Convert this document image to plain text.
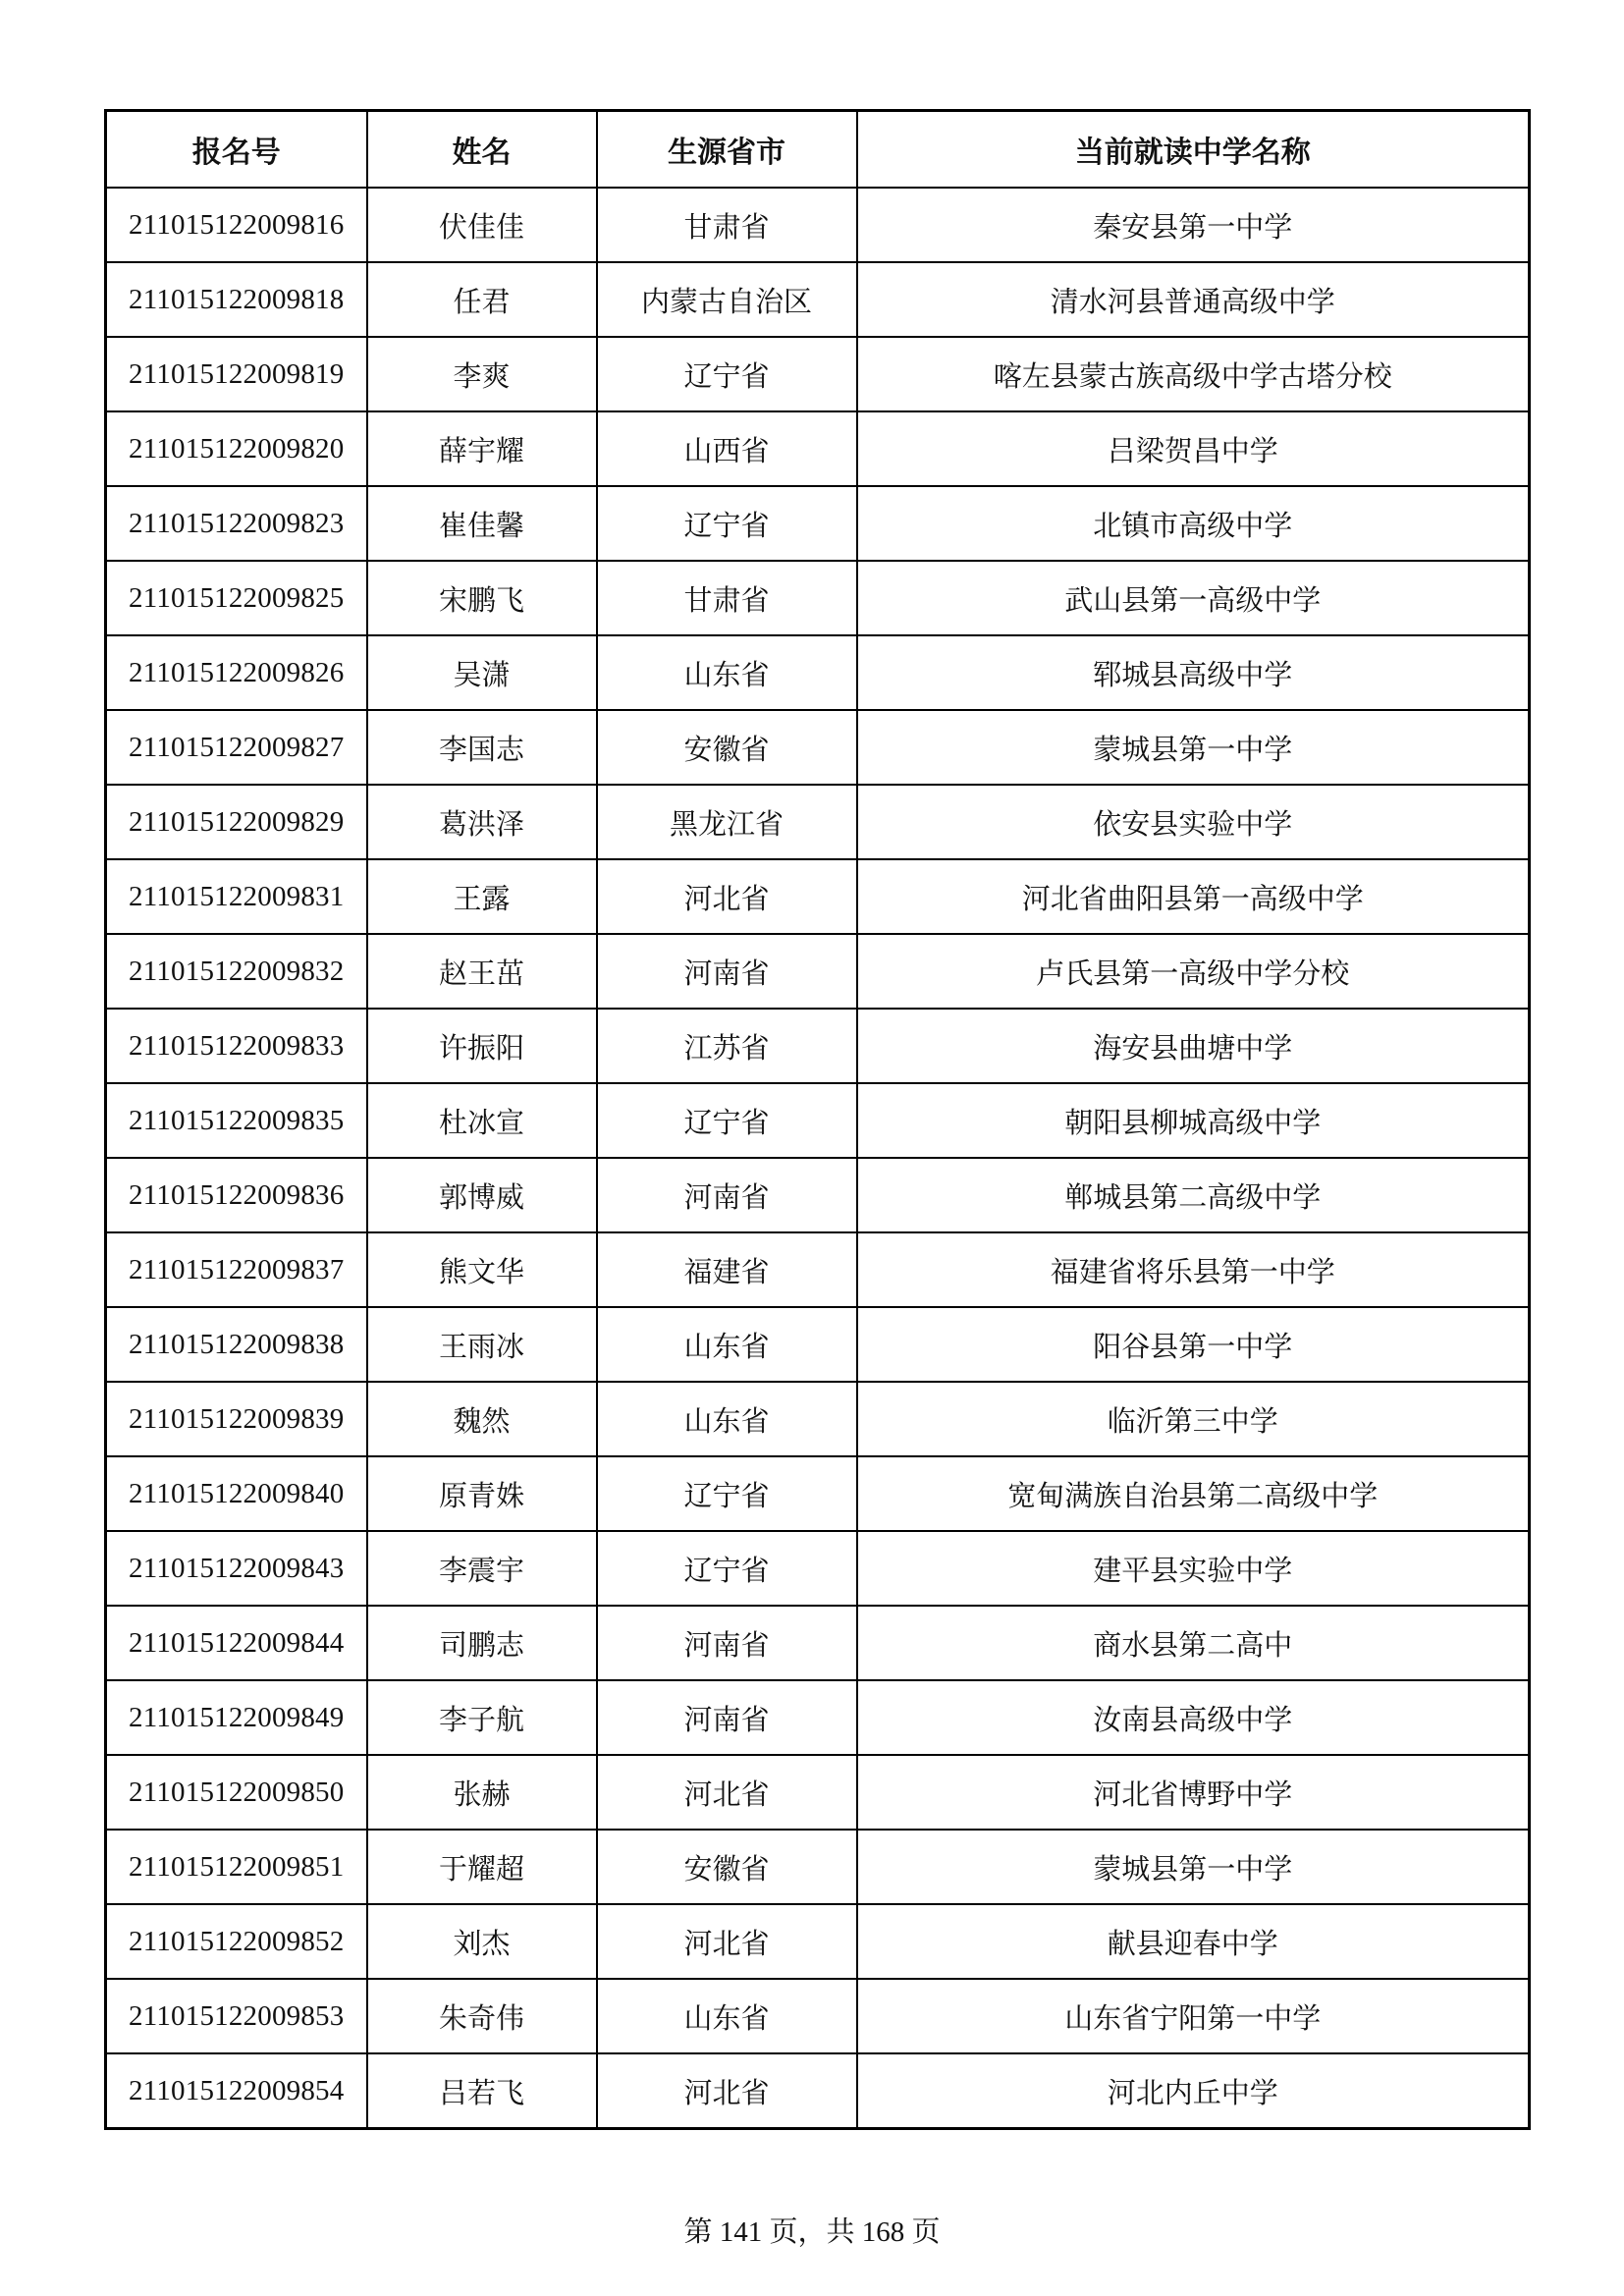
报名号	姓名	生源省市	当前就读中学名称
211015122009816	伏佳佳	甘肃省	秦安县第一中学
211015122009818	任君	内蒙古自治区	清水河县普通高级中学
211015122009819	李爽	辽宁省	喀左县蒙古族高级中学古塔分校
211015122009820	薛宇耀	山西省	吕梁贺昌中学
211015122009823	崔佳馨	辽宁省	北镇市高级中学
211015122009825	宋鹏飞	甘肃省	武山县第一高级中学
211015122009826	吴潇	山东省	郓城县高级中学
211015122009827	李国志	安徽省	蒙城县第一中学
211015122009829	葛洪泽	黑龙江省	依安县实验中学
211015122009831	王露	河北省	河北省曲阳县第一高级中学
211015122009832	赵王茁	河南省	卢氏县第一高级中学分校
211015122009833	许振阳	江苏省	海安县曲塘中学
211015122009835	杜冰宣	辽宁省	朝阳县柳城高级中学
211015122009836	郭博威	河南省	郸城县第二高级中学
211015122009837	熊文华	福建省	福建省将乐县第一中学
211015122009838	王雨冰	山东省	阳谷县第一中学
211015122009839	魏然	山东省	临沂第三中学
211015122009840	原青姝	辽宁省	宽甸满族自治县第二高级中学
211015122009843	李震宇	辽宁省	建平县实验中学
211015122009844	司鹏志	河南省	商水县第二高中
211015122009849	李子航	河南省	汝南县高级中学
211015122009850	张赫	河北省	河北省博野中学
211015122009851	于耀超	安徽省	蒙城县第一中学
211015122009852	刘杰	河北省	献县迎春中学
211015122009853	朱奇伟	山东省	山东省宁阳第一中学
211015122009854	吕若飞	河北省	河北内丘中学
第 141 页，共 168 页
